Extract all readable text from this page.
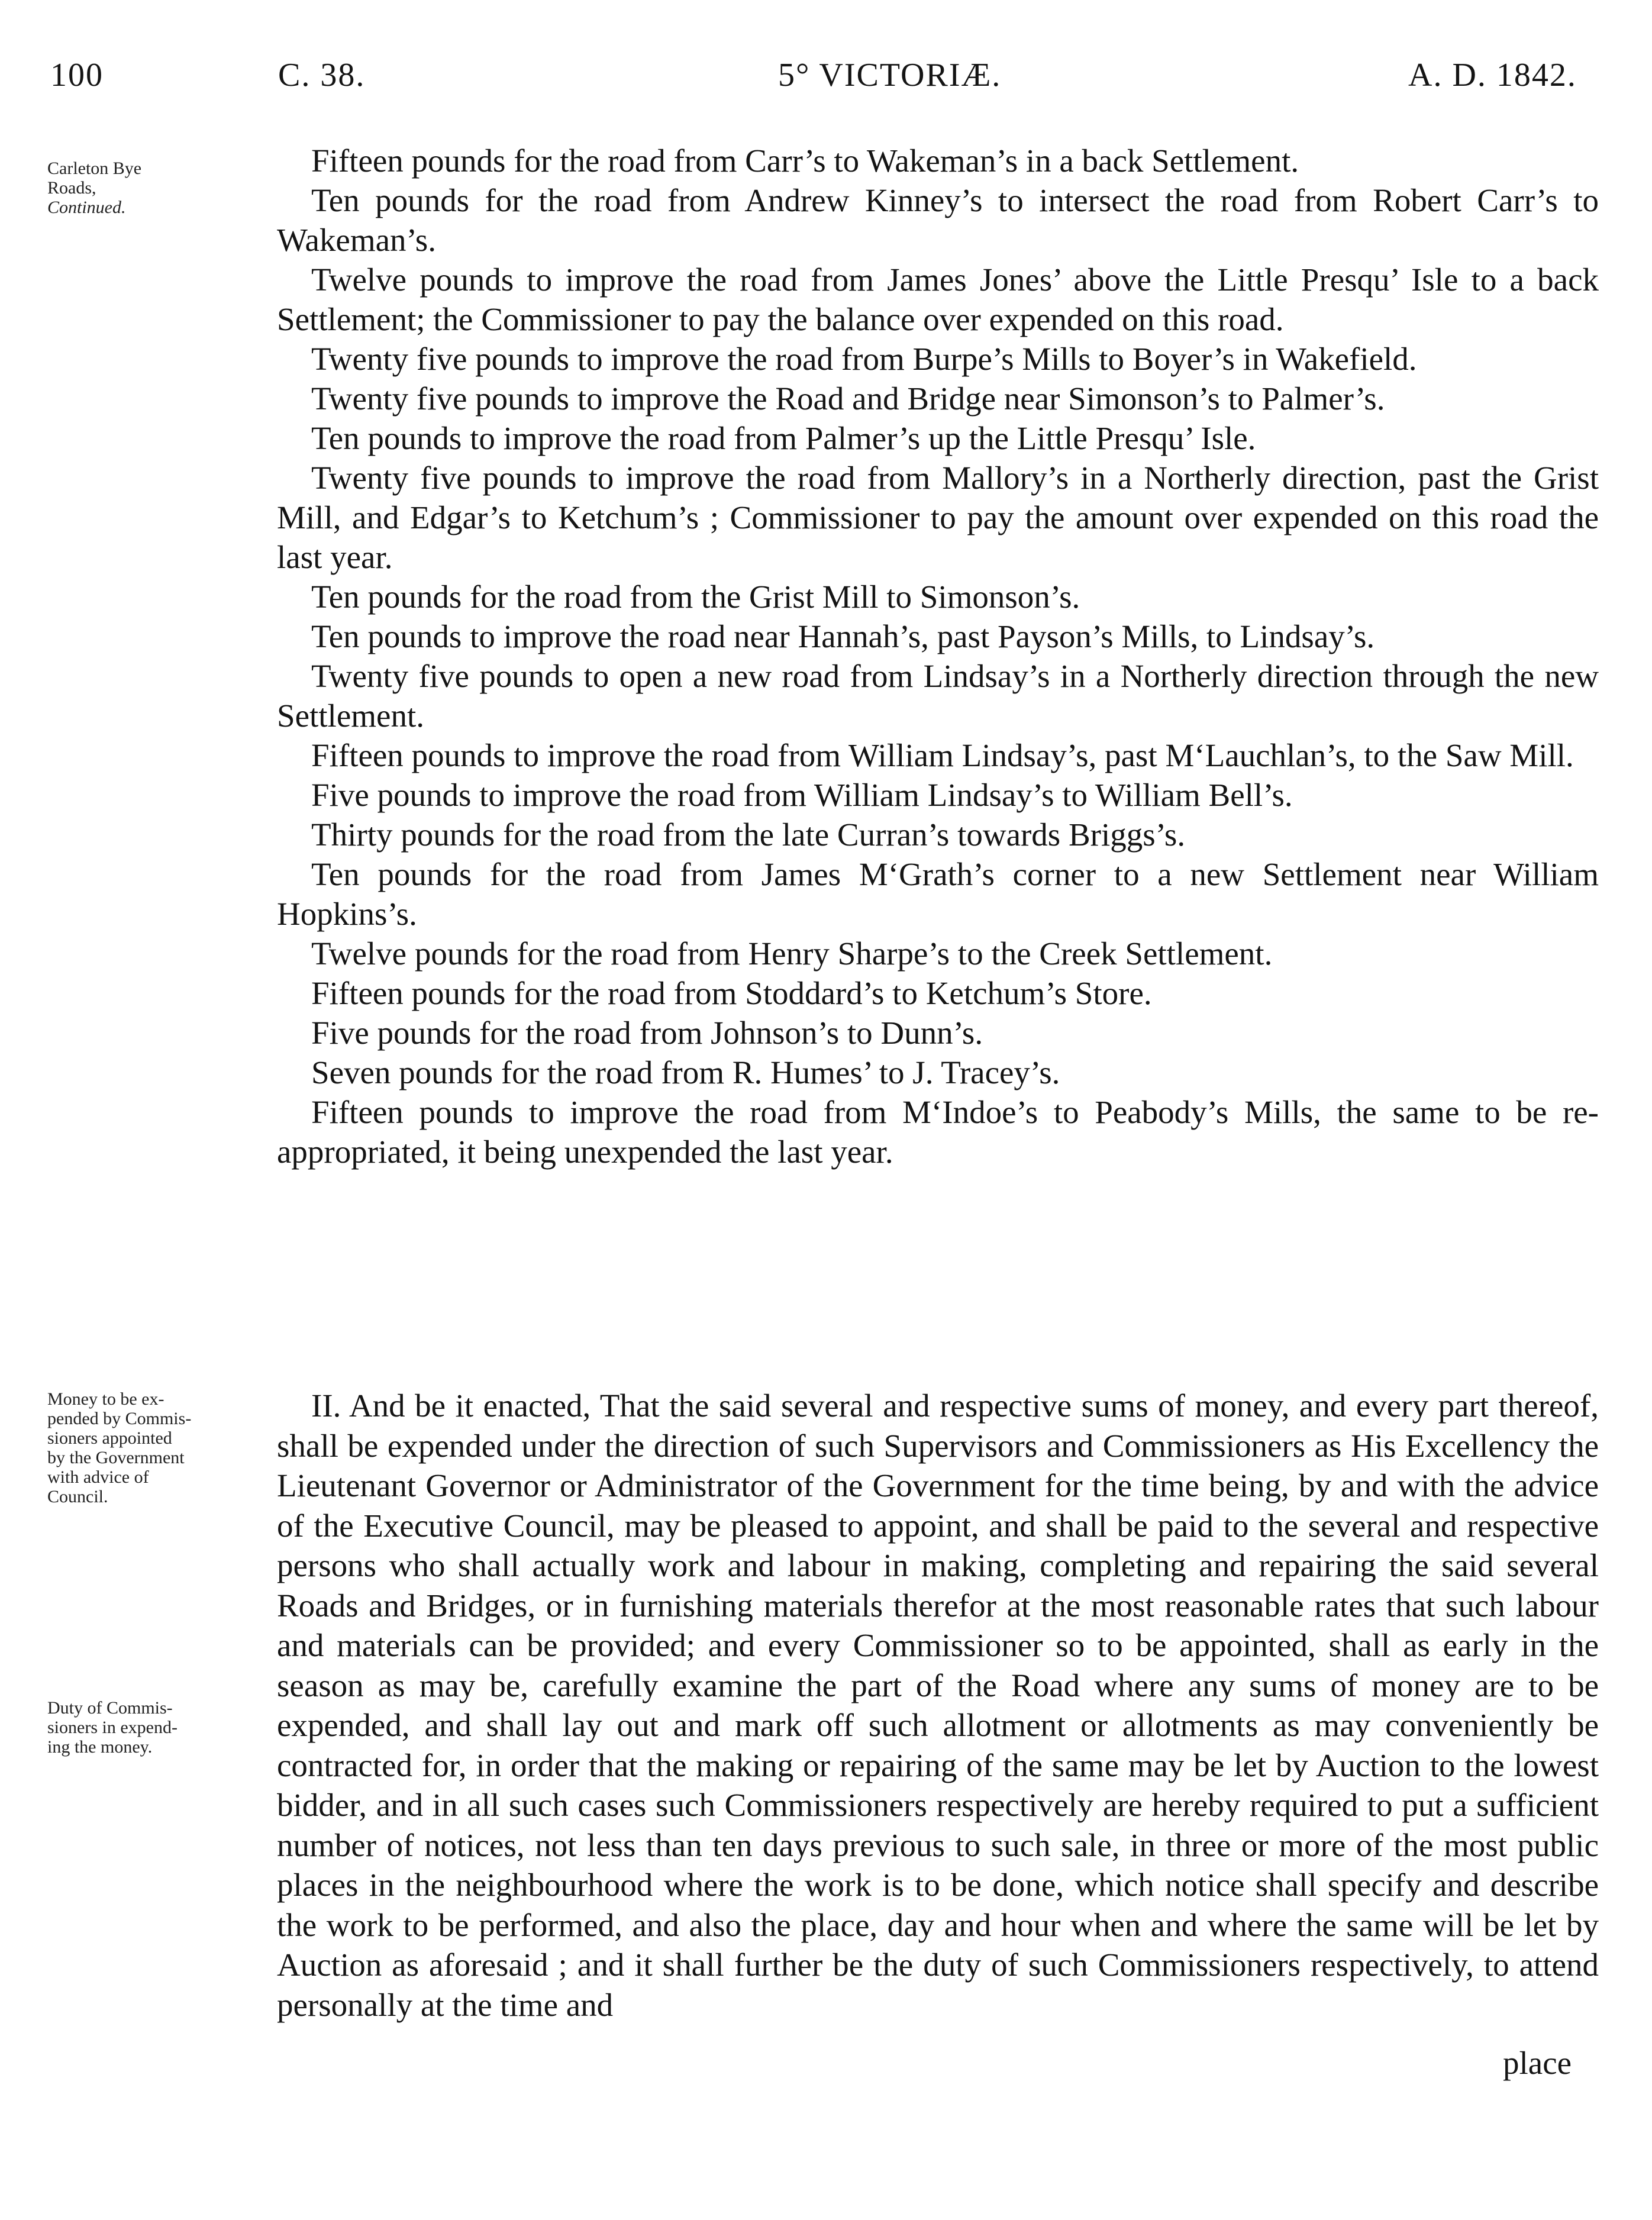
100	C. 38.	5° VICTORIÆ.	A. D. 1842.
Carleton Bye
Roads,
Continued.
Money to be ex-
pended by Commis-
sioners appointed
by the Government
with advice of
Council.
Duty of Commis-
sioners in expend-
ing the money.

Fifteen pounds for the road from Carr’s to Wakeman’s in a back Settlement.

Ten pounds for the road from Andrew Kinney’s to intersect the road from Robert Carr’s to Wakeman’s.

Twelve pounds to improve the road from James Jones’ above the Little Presqu’ Isle to a back Settlement; the Commissioner to pay the balance over expended on this road.

Twenty five pounds to improve the road from Burpe’s Mills to Boyer’s in Wakefield.

Twenty five pounds to improve the Road and Bridge near Simonson’s to Palmer’s.

Ten pounds to improve the road from Palmer’s up the Little Presqu’ Isle.

Twenty five pounds to improve the road from Mallory’s in a Northerly direction, past the Grist Mill, and Edgar’s to Ketchum’s ; Commissioner to pay the amount over expended on this road the last year.

Ten pounds for the road from the Grist Mill to Simonson’s.

Ten pounds to improve the road near Hannah’s, past Payson’s Mills, to Lindsay’s.

Twenty five pounds to open a new road from Lindsay’s in a Northerly direction through the new Settlement.

Fifteen pounds to improve the road from William Lindsay’s, past M‘Lauchlan’s, to the Saw Mill.

Five pounds to improve the road from William Lindsay’s to William Bell’s.

Thirty pounds for the road from the late Curran’s towards Briggs’s.

Ten pounds for the road from James M‘Grath’s corner to a new Settlement near William Hopkins’s.

Twelve pounds for the road from Henry Sharpe’s to the Creek Settlement.

Fifteen pounds for the road from Stoddard’s to Ketchum’s Store.

Five pounds for the road from Johnson’s to Dunn’s.

Seven pounds for the road from R. Humes’ to J. Tracey’s.

Fifteen pounds to improve the road from M‘Indoe’s to Peabody’s Mills, the same to be re-appropriated, it being unexpended the last year.

II. And be it enacted, That the said several and respective sums of money, and every part thereof, shall be expended under the direction of such Supervisors and Commissioners as His Excellency the Lieutenant Governor or Administrator of the Government for the time being, by and with the advice of the Executive Council, may be pleased to appoint, and shall be paid to the several and respective persons who shall actually work and labour in making, completing and repairing the said several Roads and Bridges, or in furnishing materials therefor at the most reasonable rates that such labour and materials can be provided; and every Commissioner so to be appointed, shall as early in the season as may be, carefully examine the part of the Road where any sums of money are to be expended, and shall lay out and mark off such allotment or allotments as may conveniently be contracted for, in order that the making or repairing of the same may be let by Auction to the lowest bidder, and in all such cases such Commissioners respectively are hereby required to put a sufficient number of notices, not less than ten days previous to such sale, in three or more of the most public places in the neighbourhood where the work is to be done, which notice shall specify and describe the work to be performed, and also the place, day and hour when and where the same will be let by Auction as aforesaid ; and it shall further be the duty of such Commissioners respectively, to attend personally at the time and

place
